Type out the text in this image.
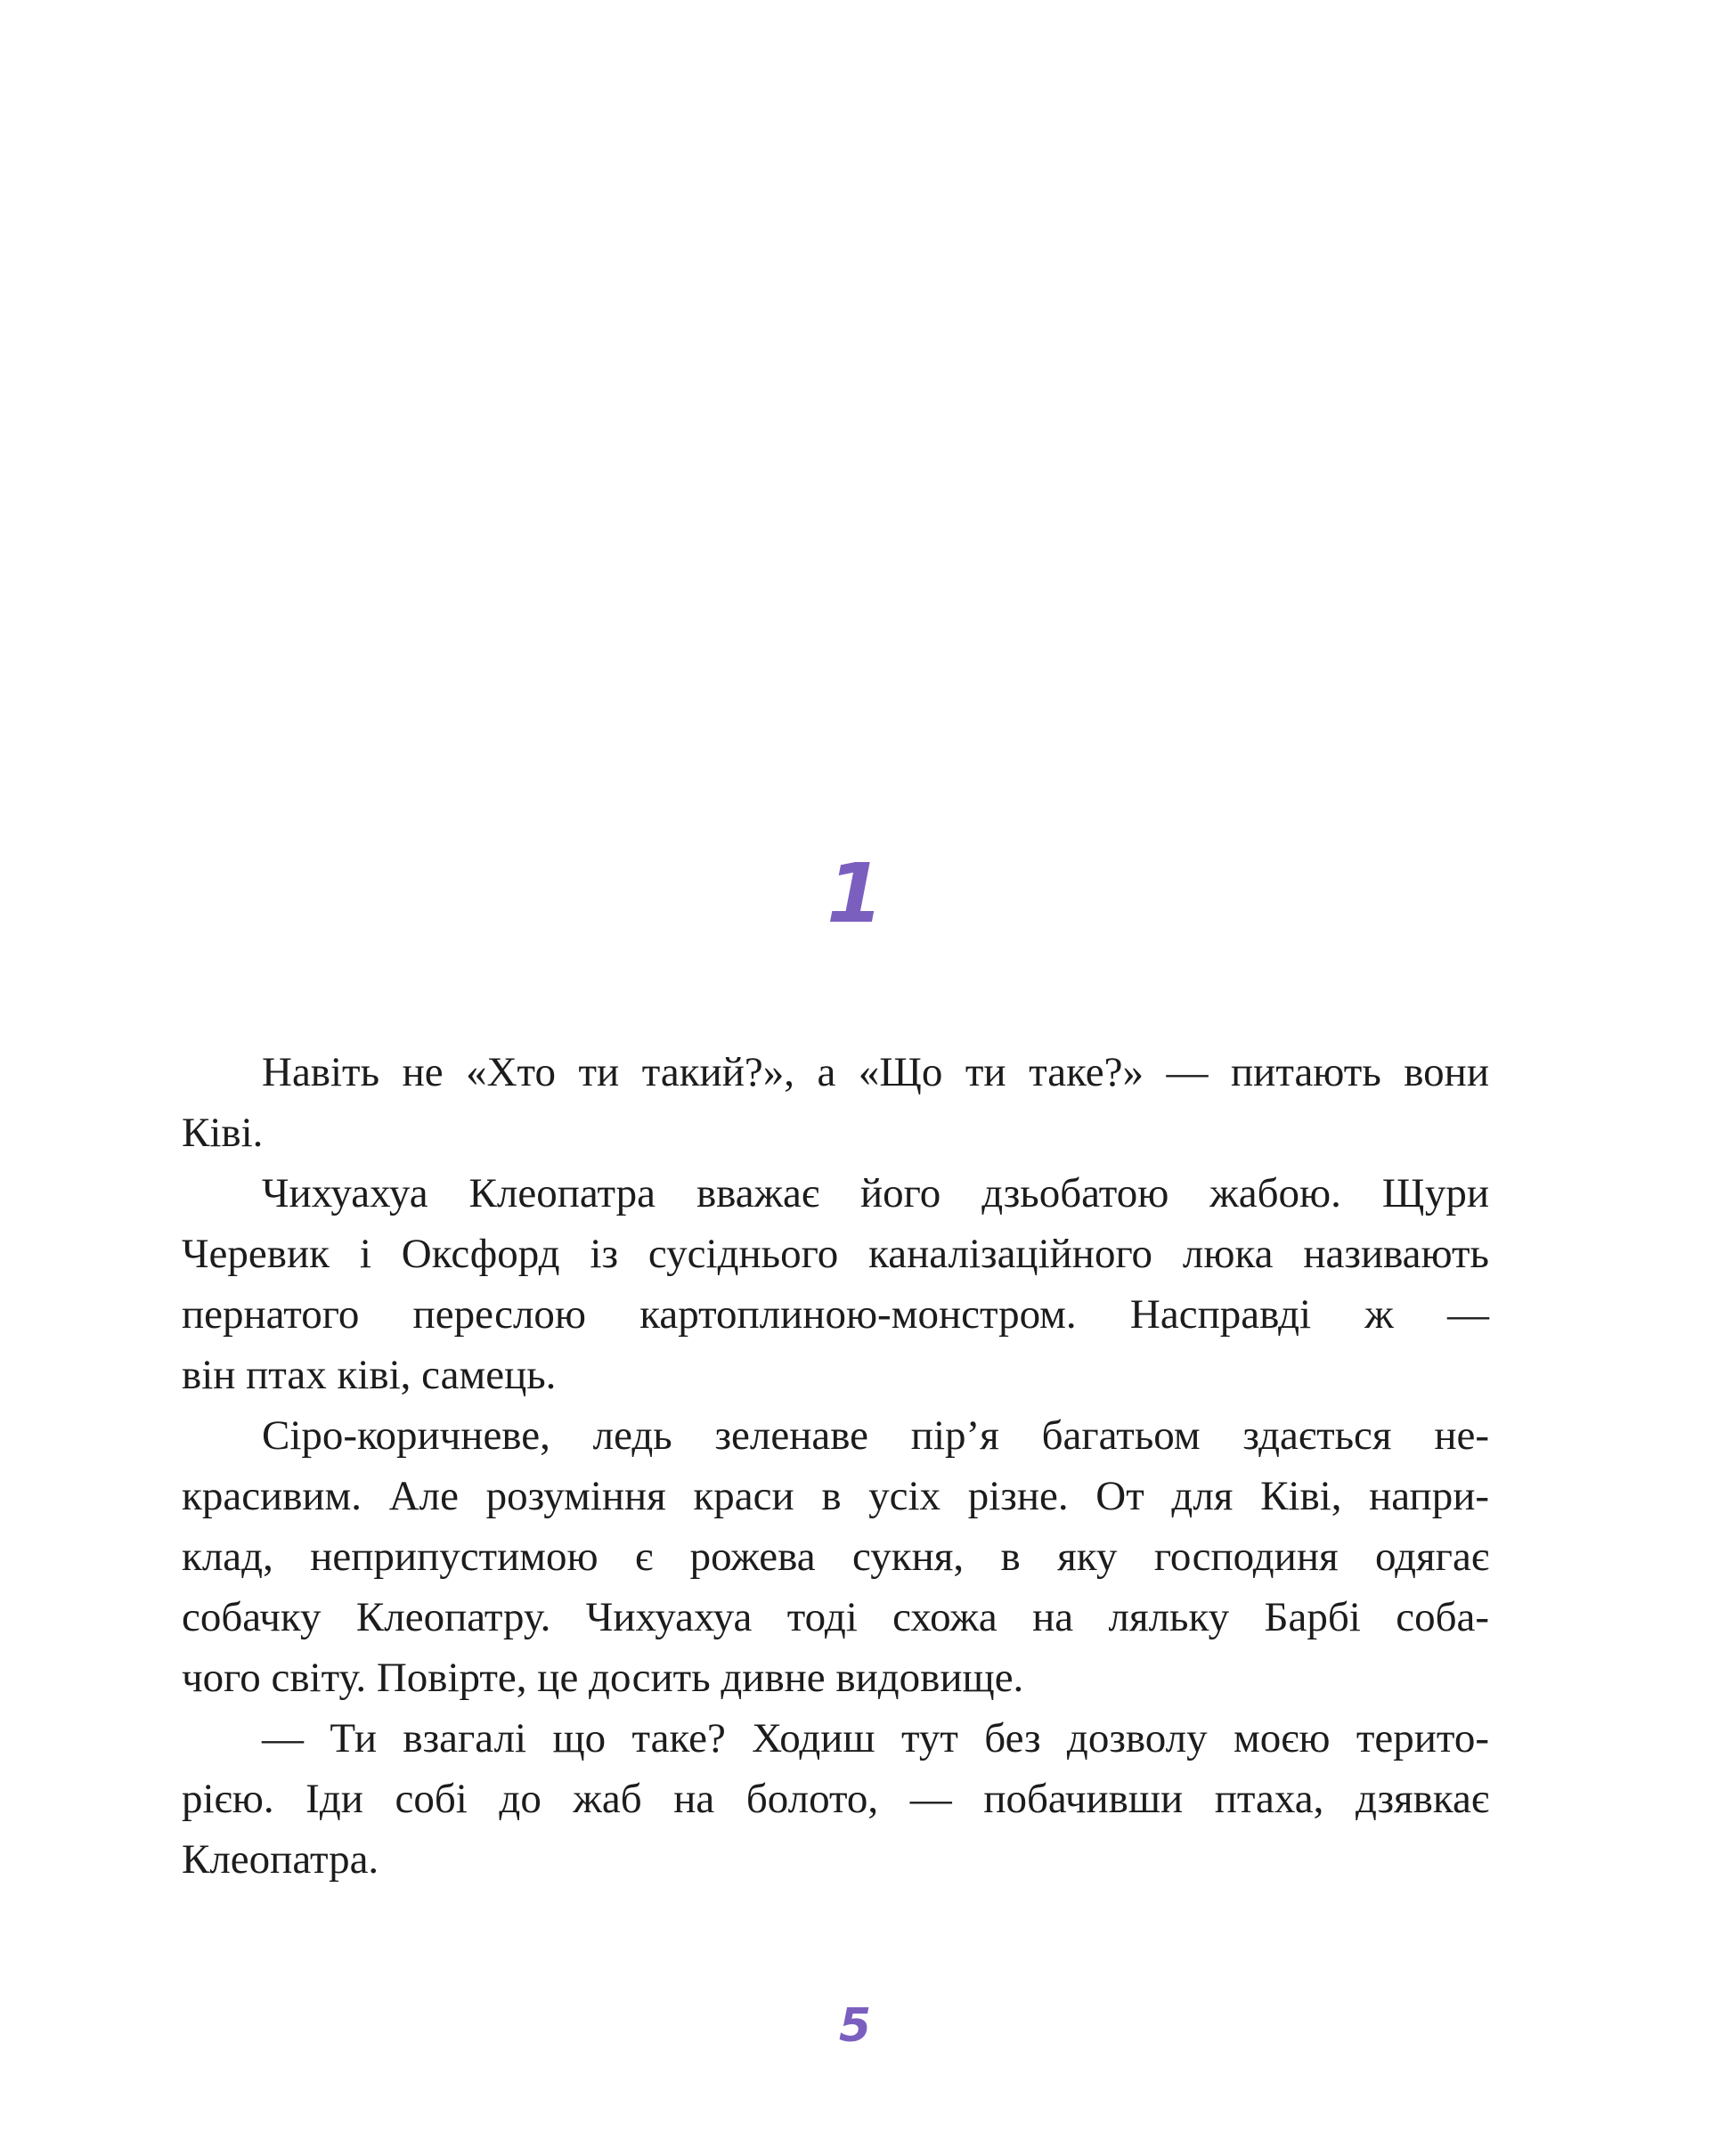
1
Навіть не «Хто ти такий?», а «Що ти таке?» — питають вони
Ківі.
Чихуахуа Клеопатра вважає його дзьобатою жабою. Щури
Черевик і Оксфорд із сусіднього каналізаційного люка називають
пернатого переслою картоплиною-монстром. Насправді ж —
він птах ківі, самець.
Сіро-коричневе, ледь зеленаве пір’я багатьом здається не-
красивим. Але розуміння краси в усіх різне. От для Ківі, напри-
клад, неприпустимою є рожева сукня, в яку господиня одягає
собачку Клеопатру. Чихуахуа тоді схожа на ляльку Барбі соба-
чого світу. Повірте, це досить дивне видовище.
— Ти взагалі що таке? Ходиш тут без дозволу моєю терито-
рією. Іди собі до жаб на болото, — побачивши птаха, дзявкає
Клеопатра.
5
